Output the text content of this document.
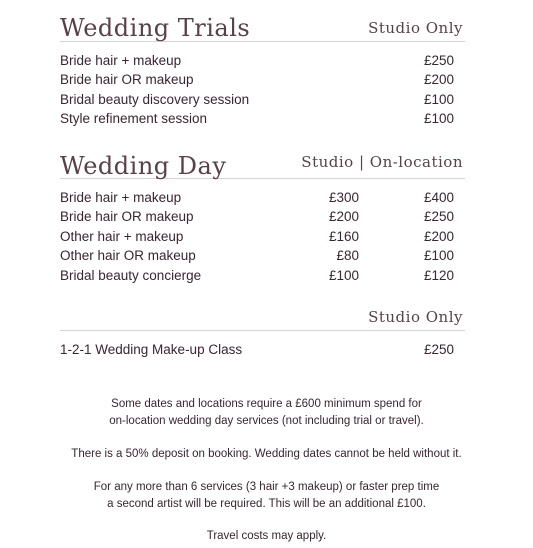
Wedding Trials	Studio Only
Bride hair + makeup	£250
Bride hair OR makeup	£200
Bridal beauty discovery session	£100
Style refinement session	£100
Wedding Day	Studio | On-location
Bride hair + makeup	£300	£400
Bride hair OR makeup	£200	£250
Other hair + makeup	£160	£200
Other hair OR makeup	£80	£100
Bridal beauty concierge	£100	£120
Studio Only
1-2-1 Wedding Make-up Class	£250
Some dates and locations require a £600 minimum spend for
on-location wedding day services (not including trial or travel).
There is a 50% deposit on booking. Wedding dates cannot be held without it.
For any more than 6 services (3 hair +3 makeup) or faster prep time
a second artist will be required. This will be an additional £100.
Travel costs may apply.
